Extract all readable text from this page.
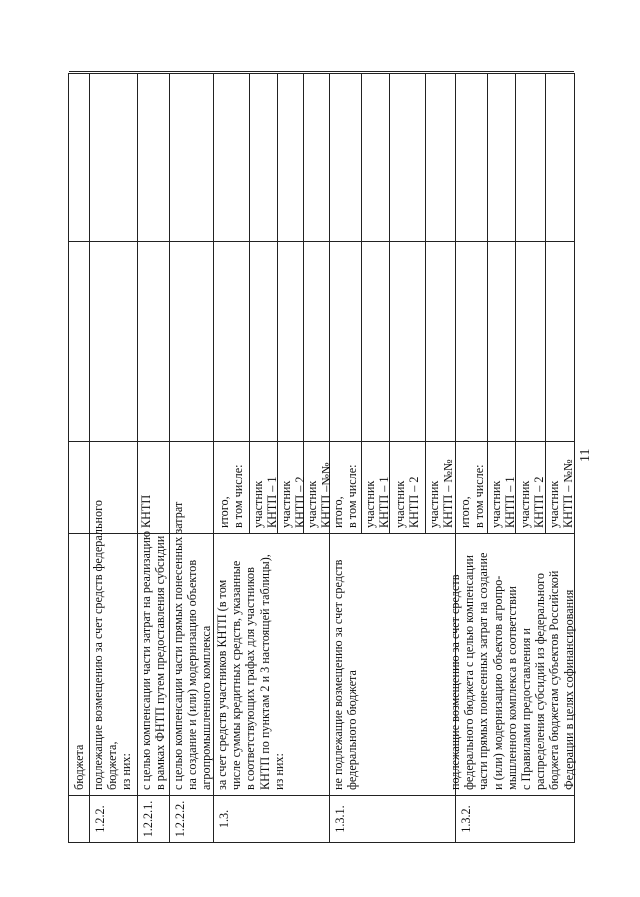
11
бюджета
1.2.2.
подлежащие возмещению за счет средств федерального бюджета, из них:
1.2.2.1.
с целью компенсации части затрат на реализацию КНТП в рамках ФНТП путем предоставления субсидии
1.2.2.2.
с целью компенсации части прямых понесенных затрат на создание и (или) модернизацию объектов агропромышленного комплекса
1.3.
за счет средств участников КНТП (в том числе суммы кредитных средств, указанные в соответствующих графах для участников КНТП по пунктам 2 и 3 настоящей таблицы), из них:
итого, в том числе: участник КНТП – 1 участник КНТП – 2
участник КНТП –№№
1.3.1.
не подлежащие возмещению за счет средств федерального бюджета
итого, в том числе: участник КНТП – 1 участник КНТП – 2 участник КНТП – №№
1.3.2.
подлежащие возмещению за счет средств федерального бюджета с целью компенсации части прямых понесенных затрат на создание и (или) модернизацию объектов агропро- мышленного комплекса в соответствии с Правилами предоставления и распределения субсидий из федерального бюджета бюджетам субъектов Российской Федерации в целях софинансирования
итого, в том числе: участник КНТП – 1 участник КНТП – 2 участник КНТП – №№
